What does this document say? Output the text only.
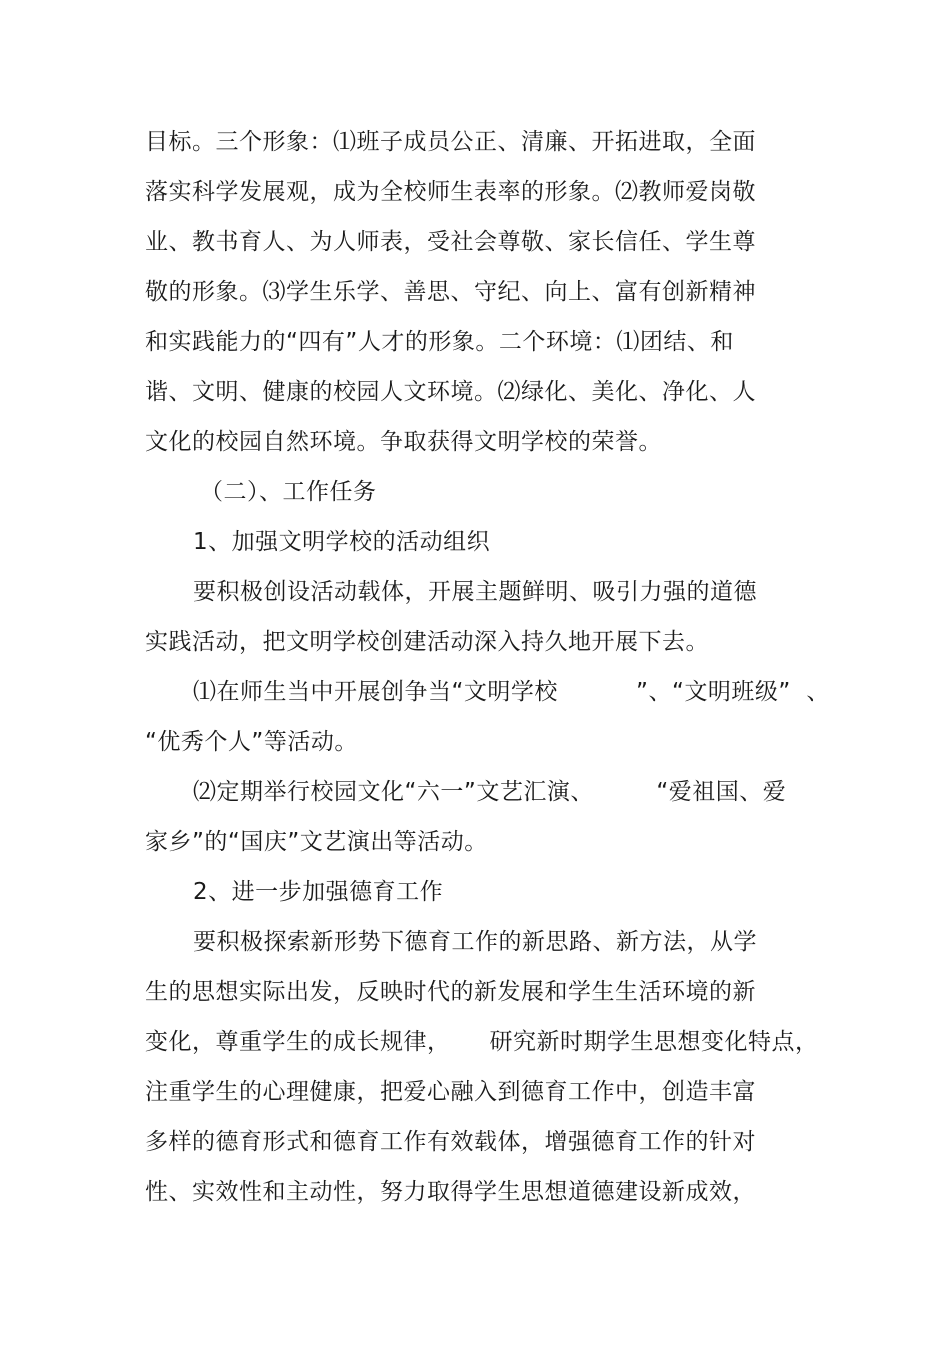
目标。三个形象：⑴班子成员公正、清廉、开拓进取，全面
落实科学发展观，成为全校师生表率的形象。⑵教师爱岗敬
业、教书育人、为人师表，受社会尊敬、家长信任、学生尊
敬的形象。⑶学生乐学、善思、守纪、向上、富有创新精神
和实践能力的“四有”人才的形象。二个环境：⑴团结、和
谐、文明、健康的校园人文环境。⑵绿化、美化、净化、人
文化的校园自然环境。争取获得文明学校的荣誉。
（二）、工作任务
1、加强文明学校的活动组织
要积极创设活动载体，开展主题鲜明、吸引力强的道德
实践活动，把文明学校创建活动深入持久地开展下去。
⑴在师生当中开展创争当“文明学校          ”、“文明班级”  、
“优秀个人”等活动。
⑵定期举行校园文化“六一”文艺汇演、        “爱祖国、爱
家乡”的“国庆”文艺演出等活动。
2、进一步加强德育工作
要积极探索新形势下德育工作的新思路、新方法，从学
生的思想实际出发，反映时代的新发展和学生生活环境的新
变化，尊重学生的成长规律，     研究新时期学生思想变化特点，
注重学生的心理健康，把爱心融入到德育工作中，创造丰富
多样的德育形式和德育工作有效载体，增强德育工作的针对
性、实效性和主动性，努力取得学生思想道德建设新成效，
